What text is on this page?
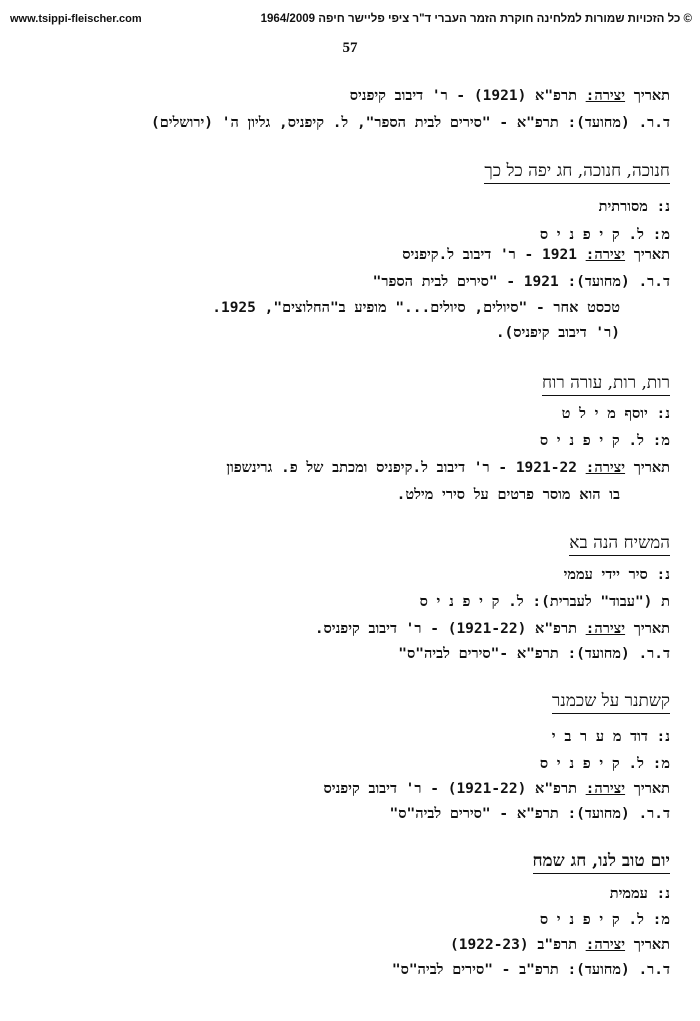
www.tsippi-fleischer.com	© כל הזכויות שמורות למלחינה חוקרת הזמר העברי ד"ר ציפי פליישר חיפה 1964/2009
57
תאריך יצירה: תרפ"א (1921) - ר' דיבוב קיפניס
ד.ר. (מחועד): תרפ"א - "סירים לבית הספר", ל. קיפניס, גליון ה' (ירושלים)
חנוכה, חנוכה, חג יפה כל כך
נ: מסורתית
מ: ל. ק י פ נ י ס
תאריך יצירה: 1921 - ר' דיבוב ל.קיפניס
ד.ר. (מחועד): 1921 - "סירים לבית הספר"
טכסט אחר - "סיולים, סיולים..." מופיע ב"החלוצים", 1925.
(ר' דיבוב קיפניס).
רות, רות, עורה רוח
נ: יוסף מ י ל ט
מ: ל. ק י פ נ י ס
תאריך יצירה: 1921-22 - ר' דיבוב ל.קיפניס ומכתב של פ. גרינשפון
בו הוא מוסר פרטים על סירי מילט.
המשיח הנה בא
נ: סיר יידי עממי
ת ("עבוד" לעברית): ל. ק י פ נ י ס
תאריך יצירה: תרפ"א (1921-22) - ר' דיבוב קיפניס.
ד.ר. (מחועד): תרפ"א -"סירים לביה"ס"
קשתנר על שכמנר
נ: דוד מ ע ר ב י
מ: ל. ק י פ נ י ס
תאריך יצירה: תרפ"א (1921-22) - ר' דיבוב קיפניס
ד.ר. (מחועד): תרפ"א - "סירים לביה"ס"
יום טוב לנו, חג שמח
נ: עממית
מ: ל. ק י פ נ י ס
תאריך יצירה: תרפ"ב (1922-23)
ד.ר. (מחועד): תרפ"ב - "סירים לביה"ס"
